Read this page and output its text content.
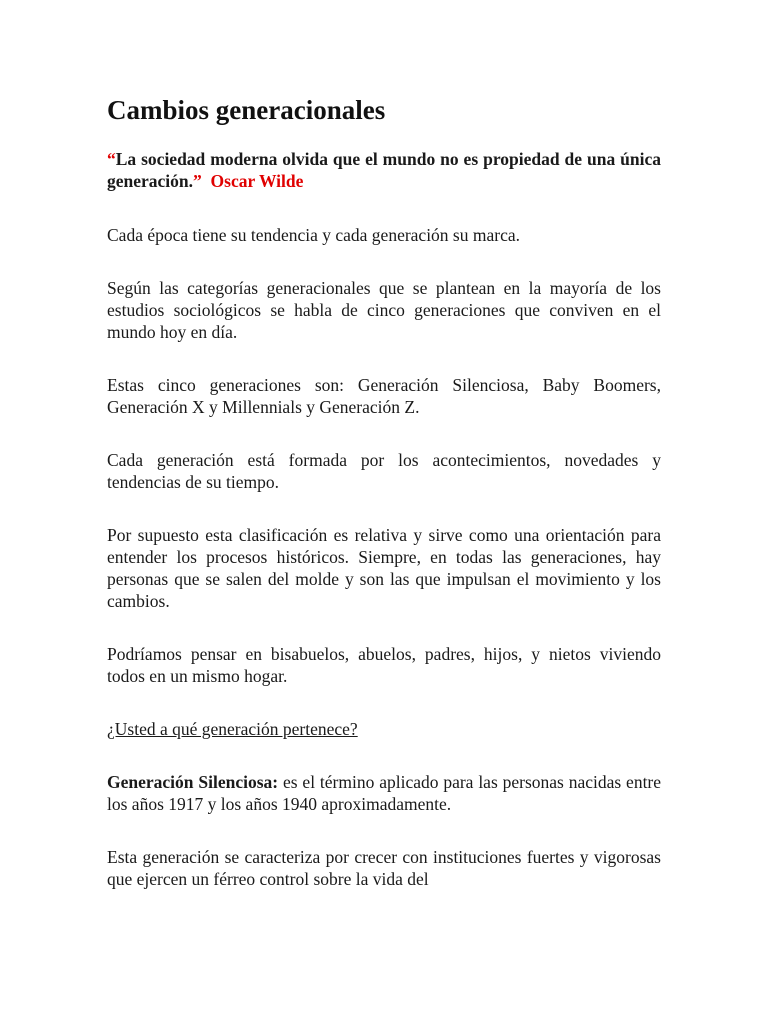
Cambios generacionales

“La sociedad moderna olvida que el mundo no es propiedad de una única generación.” Oscar Wilde

Cada época tiene su tendencia y cada generación su marca.

Según las categorías generacionales que se plantean en la mayoría de los estudios sociológicos se habla de cinco generaciones que conviven en el mundo hoy en día.

Estas cinco generaciones son: Generación Silenciosa, Baby Boomers, Generación X y Millennials y Generación Z.

Cada generación está formada por los acontecimientos, novedades y tendencias de su tiempo.

Por supuesto esta clasificación es relativa y sirve como una orientación para entender los procesos históricos. Siempre, en todas las generaciones, hay personas que se salen del molde y son las que impulsan el movimiento y los cambios.

Podríamos pensar en bisabuelos, abuelos, padres, hijos, y nietos viviendo todos en un mismo hogar.

¿Usted a qué generación pertenece?

Generación Silenciosa: es el término aplicado para las personas nacidas entre los años 1917 y los años 1940 aproximadamente.

Esta generación se caracteriza por crecer con instituciones fuertes y vigorosas que ejercen un férreo control sobre la vida del
